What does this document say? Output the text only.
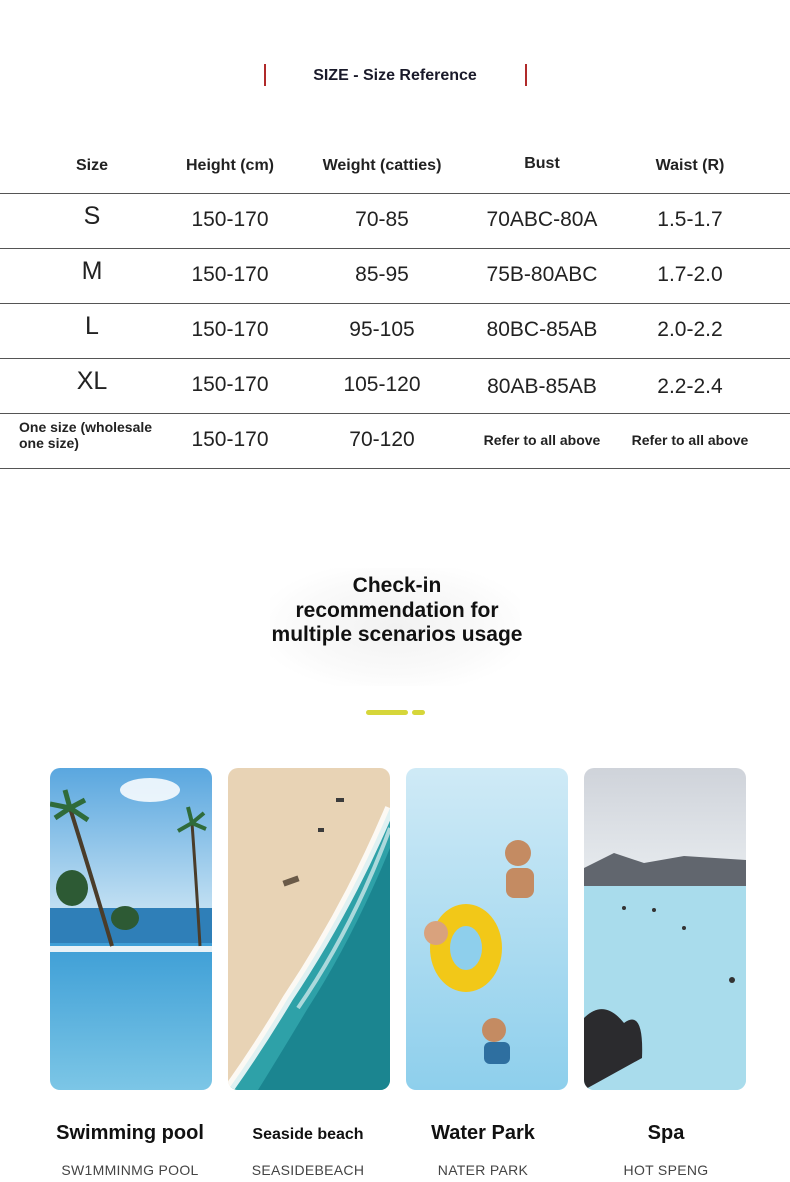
SIZE - Size Reference
Size	Height (cm)	Weight (catties)	Bust	Waist (R)
S	150-170	70-85	70ABC-80A	1.5-1.7
M	150-170	85-95	75B-80ABC	1.7-2.0
L	150-170	95-105	80BC-85AB	2.0-2.2
XL	150-170	105-120	80AB-85AB	2.2-2.4
One size (wholesale one size)	150-170	70-120	Refer to all above	Refer to all above
Check-in recommendation for multiple scenarios usage
Swimming pool	Seaside beach	Water Park	Spa
SW1MMINMG POOL	SEASIDEBEACH	NATER PARK	HOT SPENG
